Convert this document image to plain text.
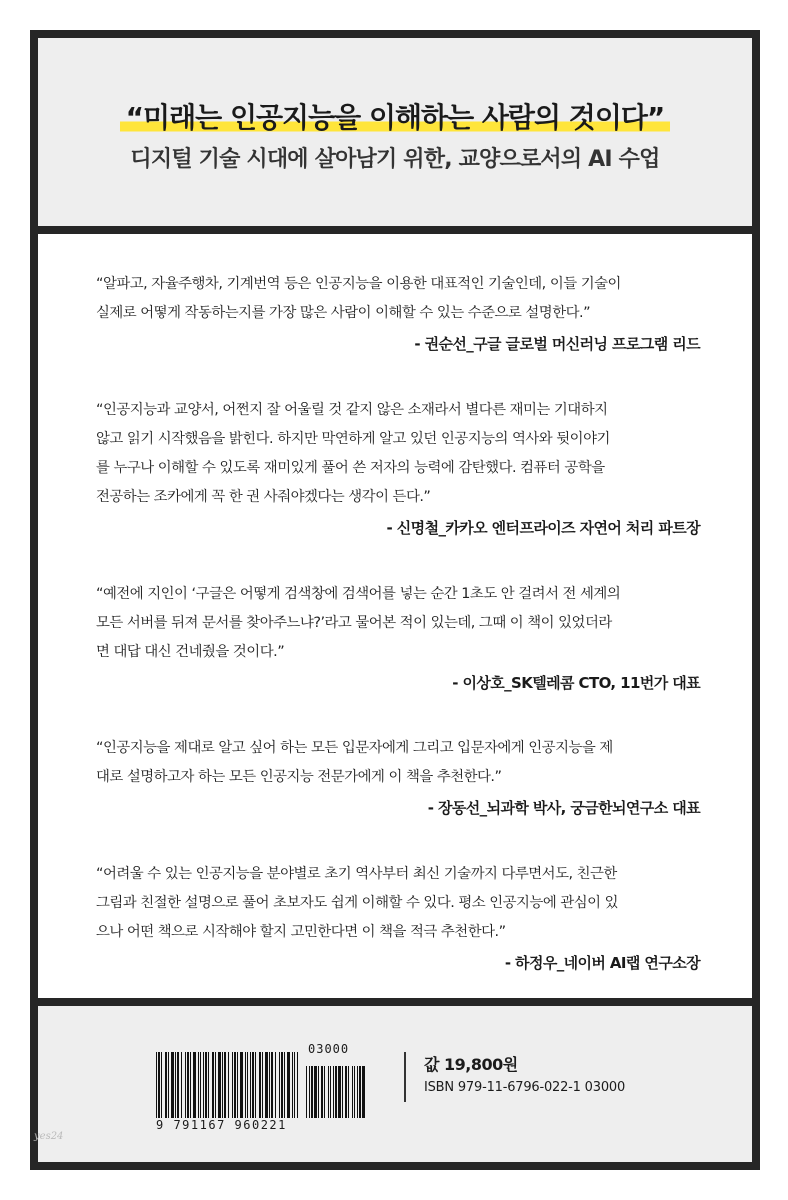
“미래는 인공지능을 이해하는 사람의 것이다”
디지털 기술 시대에 살아남기 위한, 교양으로서의 AI 수업

“알파고, 자율주행차, 기계번역 등은 인공지능을 이용한 대표적인 기술인데, 이들 기술이
실제로 어떻게 작동하는지를 가장 많은 사람이 이해할 수 있는 수준으로 설명한다.”

- 권순선_구글 글로벌 머신러닝 프로그램 리드

“인공지능과 교양서, 어쩐지 잘 어울릴 것 같지 않은 소재라서 별다른 재미는 기대하지
않고 읽기 시작했음을 밝힌다. 하지만 막연하게 알고 있던 인공지능의 역사와 뒷이야기
를 누구나 이해할 수 있도록 재미있게 풀어 쓴 저자의 능력에 감탄했다. 컴퓨터 공학을
전공하는 조카에게 꼭 한 권 사줘야겠다는 생각이 든다.”

- 신명철_카카오 엔터프라이즈 자연어 처리 파트장

“예전에 지인이 ‘구글은 어떻게 검색창에 검색어를 넣는 순간 1초도 안 걸려서 전 세계의
모든 서버를 뒤져 문서를 찾아주느냐?’라고 물어본 적이 있는데, 그때 이 책이 있었더라
면 대답 대신 건네줬을 것이다.”

- 이상호_SK텔레콤 CTO, 11번가 대표

“인공지능을 제대로 알고 싶어 하는 모든 입문자에게 그리고 입문자에게 인공지능을 제
대로 설명하고자 하는 모든 인공지능 전문가에게 이 책을 추천한다.”

- 장동선_뇌과학 박사, 궁금한뇌연구소 대표

“어려울 수 있는 인공지능을 분야별로 초기 역사부터 최신 기술까지 다루면서도, 친근한
그림과 친절한 설명으로 풀어 초보자도 쉽게 이해할 수 있다. 평소 인공지능에 관심이 있
으나 어떤 책으로 시작해야 할지 고민한다면 이 책을 적극 추천한다.”

- 하정우_네이버 AI랩 연구소장
03000
9 791167 960221
값 19,800원
ISBN 979-11-6796-022-1 03000
yes24
